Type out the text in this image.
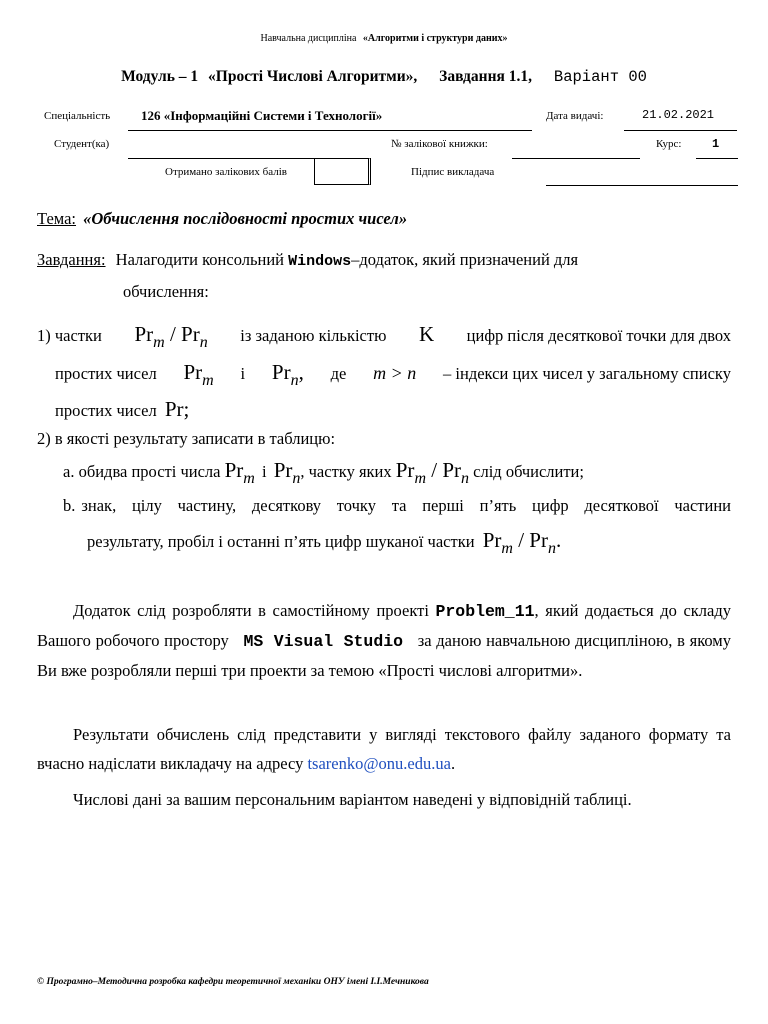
Навчальна дисципліна «Алгоритми і структури даних»
Модуль – 1 «Прості Числові Алгоритми», Завдання 1.1, Варіант 00
Спеціальність 126 «Інформаційні Системи і Технології»	Дата видачі:	21.02.2021
Студент(ка)	№ залікової книжки:	Курс:	1
Отримано залікових балів	Підпис викладача
Тема: «Обчислення послідовності простих чисел»
Завдання: Налагодити консольний Windows–додаток, який призначений для
обчислення:
1) частки $Pr_m / Pr_n$ із заданою кількістю K цифр після десяткової точки для двох
простих чисел $Pr_m$ і $Pr_n$, де m > n – індекси цих чисел у загальному списку
простих чисел Pr;
2) в якості результату записати в таблицю:
a. обидва прості числа $Pr_m$ і $Pr_n$, частку яких $Pr_m / Pr_n$ слід обчислити;
b. знак, цілу частину, десяткову точку та перші п’ять цифр десяткової частини
результату, пробіл і останні п’ять цифр шуканої частки $Pr_m / Pr_n$.
Додаток слід розробляти в самостійному проекті Problem_11, який додається до складу Вашого робочого простору MS Visual Studio за даною навчальною дисципліною, в якому Ви вже розробляли перші три проекти за темою «Прості числові алгоритми».
Результати обчислень слід представити у вигляді текстового файлу заданого формату та вчасно надіслати викладачу на адресу tsarenko@onu.edu.ua.
Числові дані за вашим персональним варіантом наведені у відповідній таблиці.
© Програмно–Методична розробка кафедри теоретичної механіки ОНУ імені І.І.Мечникова
